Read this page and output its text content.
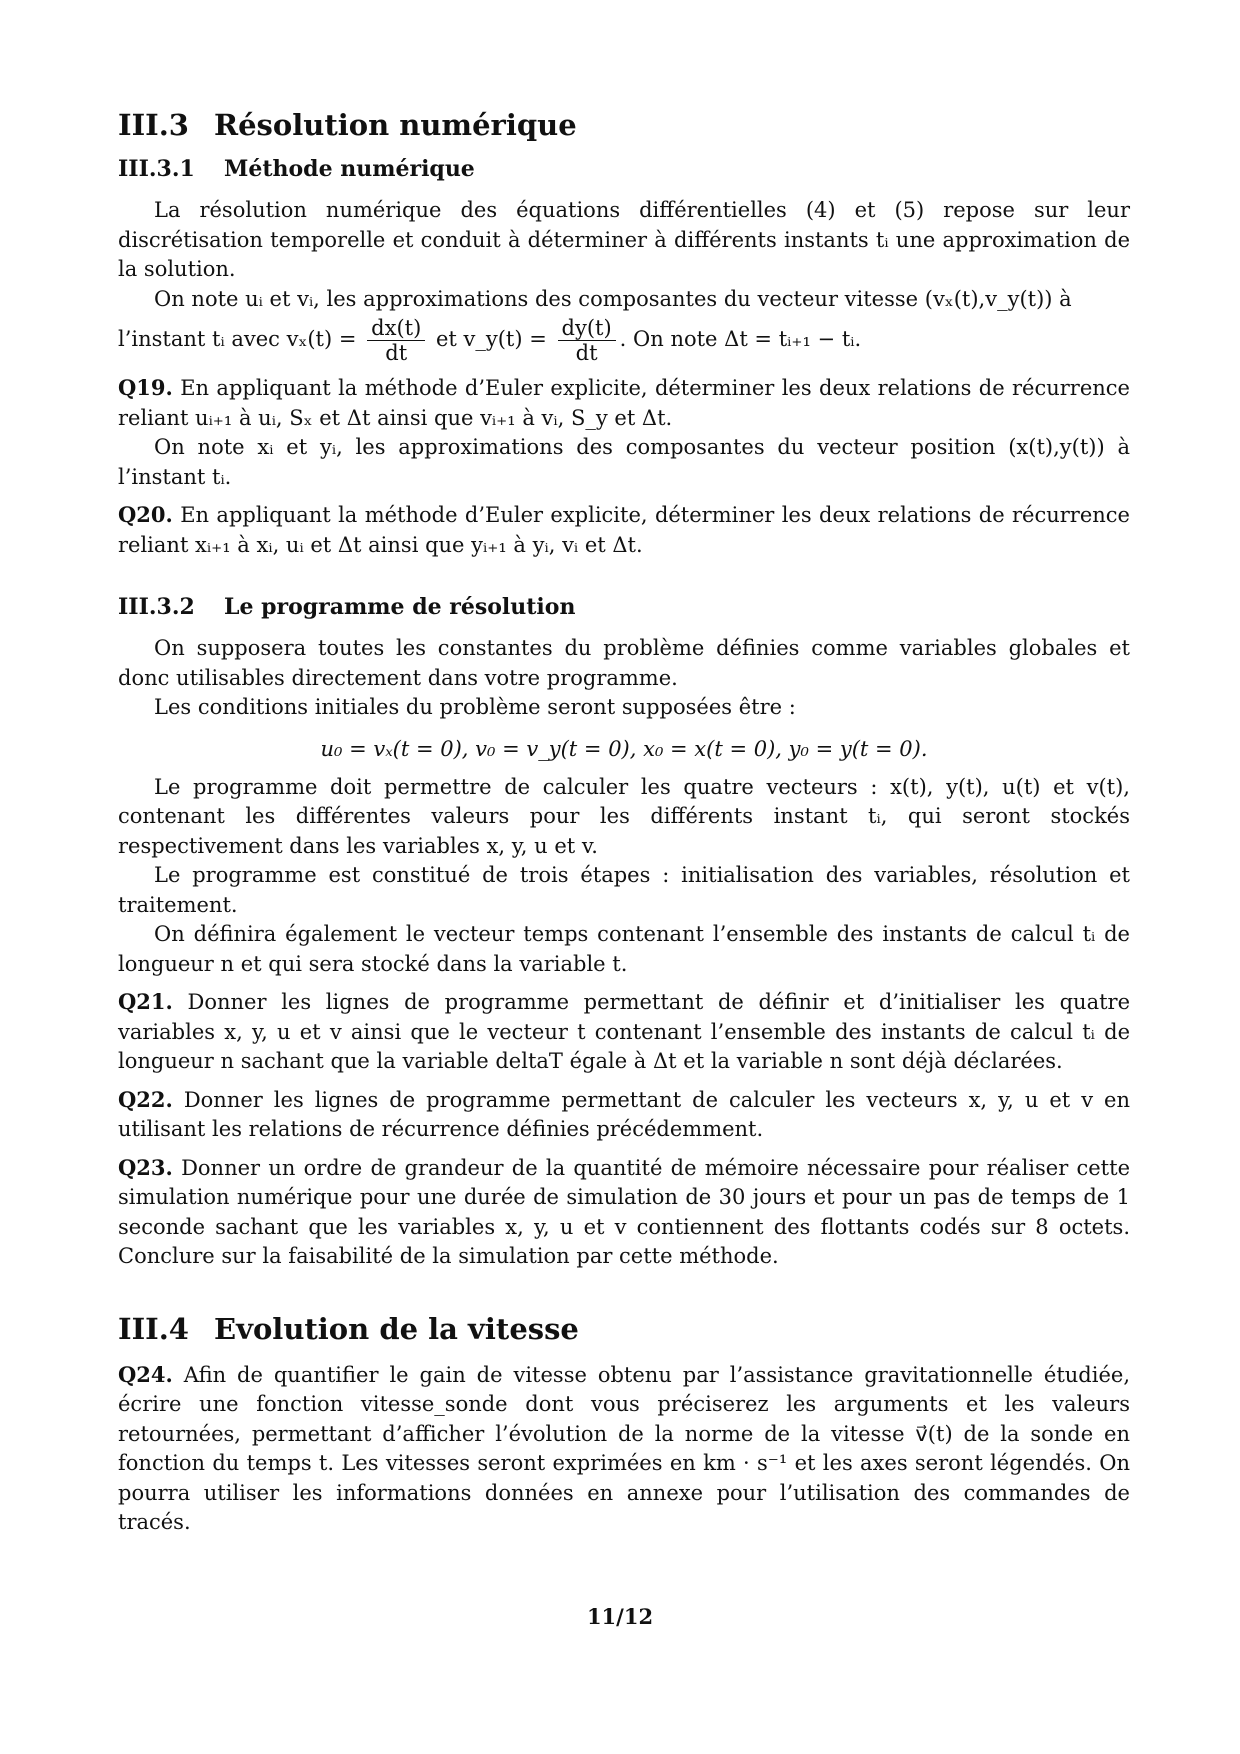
III.3 Résolution numérique
III.3.1	Méthode numérique

La résolution numérique des équations différentielles (4) et (5) repose sur leur discrétisation temporelle et conduit à déterminer à différents instants tᵢ une approximation de la solution.

On note uᵢ et vᵢ, les approximations des composantes du vecteur vitesse (vₓ(t),v_y(t)) à

l’instant tᵢ avec $v_x(t) = \frac{dx(t)}{dt}$ et v_y(t) = $\frac{dy(t)}{dt}$ . On note Δt = tᵢ₊₁ − tᵢ.

Q19. En appliquant la méthode d’Euler explicite, déterminer les deux relations de récurrence reliant uᵢ₊₁ à uᵢ, Sₓ et Δt ainsi que vᵢ₊₁ à vᵢ, S_y et Δt.

On note xᵢ et yᵢ, les approximations des composantes du vecteur position (x(t),y(t)) à l’instant tᵢ.

Q20. En appliquant la méthode d’Euler explicite, déterminer les deux relations de récurrence reliant xᵢ₊₁ à xᵢ, uᵢ et Δt ainsi que yᵢ₊₁ à yᵢ, vᵢ et Δt.

III.3.2	Le programme de résolution

On supposera toutes les constantes du problème définies comme variables globales et donc utilisables directement dans votre programme.

Les conditions initiales du problème seront supposées être :

u₀ = vₓ(t = 0), v₀ = v_y(t = 0), x₀ = x(t = 0), y₀ = y(t = 0).

Le programme doit permettre de calculer les quatre vecteurs : x(t), y(t), u(t) et v(t), contenant les différentes valeurs pour les différents instant tᵢ, qui seront stockés respectivement dans les variables x, y, u et v.

Le programme est constitué de trois étapes : initialisation des variables, résolution et traitement.

On définira également le vecteur temps contenant l’ensemble des instants de calcul tᵢ de longueur n et qui sera stocké dans la variable t.

Q21. Donner les lignes de programme permettant de définir et d’initialiser les quatre variables x, y, u et v ainsi que le vecteur t contenant l’ensemble des instants de calcul tᵢ de longueur n sachant que la variable deltaT égale à Δt et la variable n sont déjà déclarées.

Q22. Donner les lignes de programme permettant de calculer les vecteurs x, y, u et v en utilisant les relations de récurrence définies précédemment.

Q23. Donner un ordre de grandeur de la quantité de mémoire nécessaire pour réaliser cette simulation numérique pour une durée de simulation de 30 jours et pour un pas de temps de 1 seconde sachant que les variables x, y, u et v contiennent des flottants codés sur 8 octets. Conclure sur la faisabilité de la simulation par cette méthode.

III.4 Evolution de la vitesse

Q24. Afin de quantifier le gain de vitesse obtenu par l’assistance gravitationnelle étudiée, écrire une fonction vitesse_sonde dont vous préciserez les arguments et les valeurs retournées, permettant d’afficher l’évolution de la norme de la vitesse v⃗(t) de la sonde en fonction du temps t. Les vitesses seront exprimées en km · s⁻¹ et les axes seront légendés. On pourra utiliser les informations données en annexe pour l’utilisation des commandes de tracés.

11/12
